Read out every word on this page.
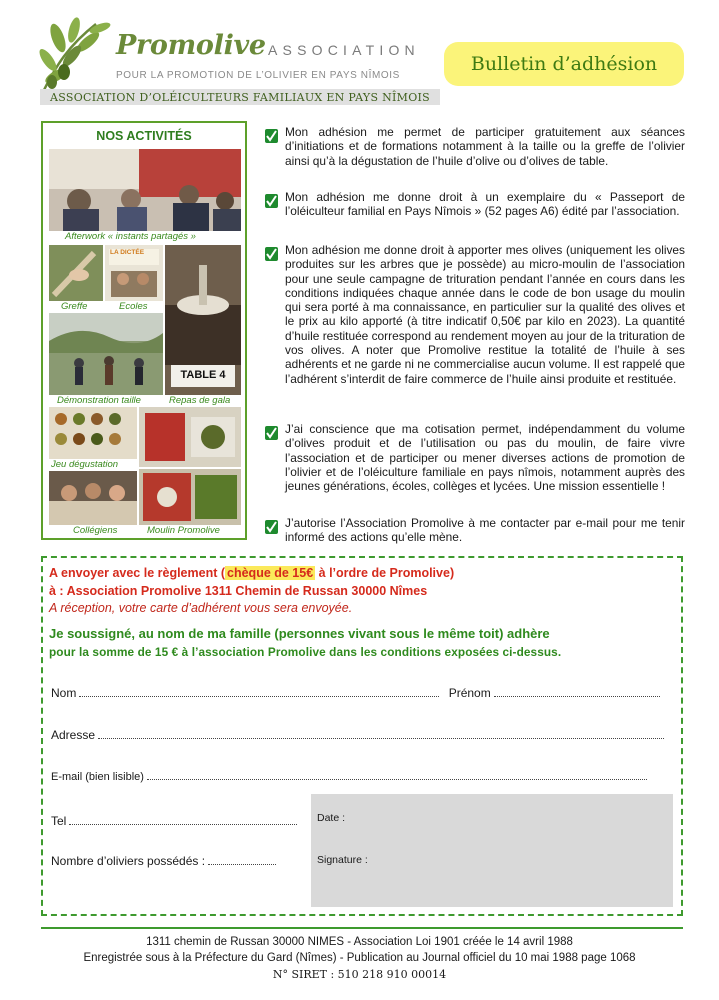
Promolive ASSOCIATION
POUR LA PROMOTION DE L’OLIVIER EN PAYS NÎMOIS
ASSOCIATION D’OLÉICULTEURS FAMILIAUX EN PAYS NÎMOIS
Bulletin d’adhésion
NOS ACTIVITÉS
Afterwork « instants partagés »
LA DICTÉE
TABLE 4
Greffe	Ecoles
Démonstration taille	Repas de gala
Jeu dégustation
Collégiens	Moulin Promolive
Mon adhésion me permet de participer gratuitement aux séances d’initiations et de formations notamment à la taille ou la greffe de l’olivier ainsi qu’à la dégustation de l’huile d’olive ou d’olives de table.
Mon adhésion me donne droit à un exemplaire du « Passeport de l’oléiculteur familial en Pays Nîmois » (52 pages A6) édité par l’association.
Mon adhésion me donne droit à apporter mes olives (uniquement les olives produites sur les arbres que je possède) au micro-moulin de l’association pour une seule campagne de trituration pendant l’année en cours dans les conditions indiquées chaque année dans le code de bon usage du moulin qui sera porté à ma connaissance, en particulier sur la qualité des olives et le prix au kilo apporté (à titre indicatif 0,50€ par kilo en 2023). La quantité d’huile restituée correspond au rendement moyen au jour de la trituration de vos olives. A noter que Promolive restitue la totalité de l’huile à ses adhérents et ne garde ni ne commercialise aucun volume. Il est rappelé que l’adhérent s’interdit de faire commerce de l’huile ainsi produite et restituée.
J’ai conscience que ma cotisation permet, indépendamment du volume d’olives produit et de l’utilisation ou pas du moulin, de faire vivre l’association et de participer ou mener diverses actions de promotion de l’olivier et de l’oléiculture familiale en pays nîmois, notamment auprès des jeunes générations, écoles, collèges et lycées. Une mission essentielle !
J’autorise l’Association Promolive à me contacter par e-mail pour me tenir informé des actions qu’elle mène.
A envoyer avec le règlement ( chèque de 15€ à l’ordre de Promolive)
à : Association Promolive 1311 Chemin de Russan 30000 Nîmes
A réception, votre carte d’adhérent vous sera envoyée.
Je soussigné, au nom de ma famille (personnes vivant sous le même toit) adhère
pour la somme de 15 € à l’association Promolive dans les conditions exposées ci-dessus.
Nom	Prénom
Adresse
E-mail (bien lisible)
Tel
Nombre d’oliviers possédés :
Date :
Signature :
1311 chemin de Russan 30000 NIMES - Association Loi 1901 créée le 14 avril 1988
Enregistrée sous à la Préfecture du Gard (Nîmes) - Publication au Journal officiel du 10 mai 1988 page 1068
N° SIRET : 510 218 910 00014
